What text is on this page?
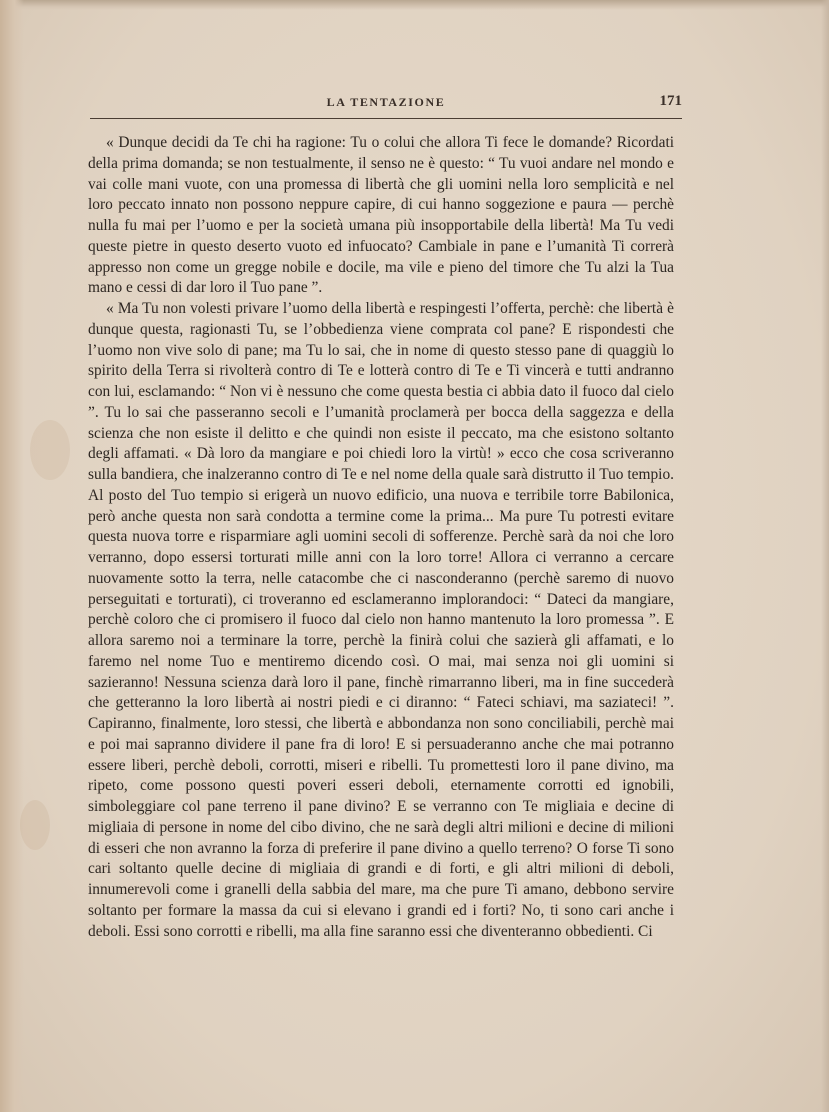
LA TENTAZIONE	171

« Dunque decidi da Te chi ha ragione: Tu o colui che allora Ti fece le domande? Ricordati della prima domanda; se non testualmente, il senso ne è questo: “ Tu vuoi andare nel mondo e vai colle mani vuote, con una promessa di libertà che gli uomini nella loro semplicità e nel loro peccato innato non possono neppure capire, di cui hanno soggezione e paura — perchè nulla fu mai per l’uomo e per la società umana più insopportabile della libertà! Ma Tu vedi queste pietre in questo deserto vuoto ed infuocato? Cambiale in pane e l’umanità Ti correrà appresso non come un gregge nobile e docile, ma vile e pieno del timore che Tu alzi la Tua mano e cessi di dar loro il Tuo pane ”.

« Ma Tu non volesti privare l’uomo della libertà e respingesti l’offerta, perchè: che libertà è dunque questa, ragionasti Tu, se l’obbedienza viene comprata col pane? E rispondesti che l’uomo non vive solo di pane; ma Tu lo sai, che in nome di questo stesso pane di quaggiù lo spirito della Terra si rivolterà contro di Te e lotterà contro di Te e Ti vincerà e tutti andranno con lui, esclamando: “ Non vi è nessuno che come questa bestia ci abbia dato il fuoco dal cielo ”. Tu lo sai che passeranno secoli e l’umanità proclamerà per bocca della saggezza e della scienza che non esiste il delitto e che quindi non esiste il peccato, ma che esistono soltanto degli affamati. « Dà loro da mangiare e poi chiedi loro la virtù! » ecco che cosa scriveranno sulla bandiera, che inalzeranno contro di Te e nel nome della quale sarà distrutto il Tuo tempio. Al posto del Tuo tempio si erigerà un nuovo edificio, una nuova e terribile torre Babilonica, però anche questa non sarà condotta a termine come la prima... Ma pure Tu potresti evitare questa nuova torre e risparmiare agli uomini secoli di sofferenze. Perchè sarà da noi che loro verranno, dopo essersi torturati mille anni con la loro torre! Allora ci verranno a cercare nuovamente sotto la terra, nelle catacombe che ci nasconderanno (perchè saremo di nuovo perseguitati e torturati), ci troveranno ed esclameranno implorandoci: “ Dateci da mangiare, perchè coloro che ci promisero il fuoco dal cielo non hanno mantenuto la loro promessa ”. E allora saremo noi a terminare la torre, perchè la finirà colui che sazierà gli affamati, e lo faremo nel nome Tuo e mentiremo dicendo così. O mai, mai senza noi gli uomini si sazieranno! Nessuna scienza darà loro il pane, finchè rimarranno liberi, ma in fine succederà che getteranno la loro libertà ai nostri piedi e ci diranno: “ Fateci schiavi, ma saziateci! ”. Capiranno, finalmente, loro stessi, che libertà e abbondanza non sono conciliabili, perchè mai e poi mai sapranno dividere il pane fra di loro! E si persuaderanno anche che mai potranno essere liberi, perchè deboli, corrotti, miseri e ribelli. Tu promettesti loro il pane divino, ma ripeto, come possono questi poveri esseri deboli, eternamente corrotti ed ignobili, simboleggiare col pane terreno il pane divino? E se verranno con Te migliaia e decine di migliaia di persone in nome del cibo divino, che ne sarà degli altri milioni e decine di milioni di esseri che non avranno la forza di preferire il pane divino a quello terreno? O forse Ti sono cari soltanto quelle decine di migliaia di grandi e di forti, e gli altri milioni di deboli, innumerevoli come i granelli della sabbia del mare, ma che pure Ti amano, debbono servire soltanto per formare la massa da cui si elevano i grandi ed i forti? No, ti sono cari anche i deboli. Essi sono corrotti e ribelli, ma alla fine saranno essi che diventeranno obbedienti. Ci
